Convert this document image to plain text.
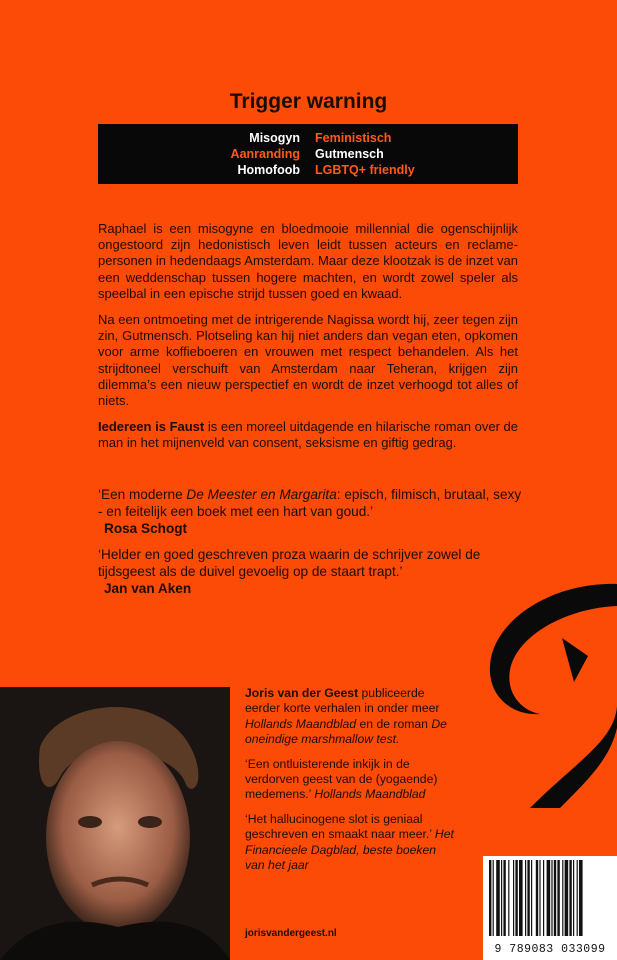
Trigger warning
Misogyn Feministisch
Aanranding Gutmensch
Homofoob LGBTQ+ friendly

Raphael is een misogyne en bloedmooie millennial die ogenschijnlijk ongestoord zijn hedonistisch leven leidt tussen acteurs en reclamepersonen in hedendaags Amsterdam. Maar deze klootzak is de inzet van een weddenschap tussen hogere machten, en wordt zowel speler als speelbal in een epische strijd tussen goed en kwaad.

Na een ontmoeting met de intrigerende Nagissa wordt hij, zeer tegen zijn zin, Gutmensch. Plotseling kan hij niet anders dan vegan eten, opkomen voor arme koffieboeren en vrouwen met respect behandelen. Als het strijdtoneel verschuift van Amsterdam naar Teheran, krijgen zijn dilemma’s een nieuw perspectief en wordt de inzet verhoogd tot alles of niets.

Iedereen is Faust is een moreel uitdagende en hilarische roman over de man in het mijnenveld van consent, seksisme en giftig gedrag.

‘Een moderne De Meester en Margarita: episch, filmisch, brutaal, sexy - en feitelijk een boek met een hart van goud.’
Rosa Schogt
‘Helder en goed geschreven proza waarin de schrijver zowel de tijdsgeest als de duivel gevoelig op de staart trapt.’
Jan van Aken

Joris van der Geest publiceerde eerder korte verhalen in onder meer Hollands Maandblad en de roman De oneindige marshmallow test.

‘Een ontluisterende inkijk in de verdorven geest van de (yogaende) medemens.’ Hollands Maandblad

‘Het hallucinogene slot is geniaal geschreven en smaakt naar meer.’ Het Financieele Dagblad, beste boeken van het jaar

jorisvandergeest.nl
9 789083 033099
